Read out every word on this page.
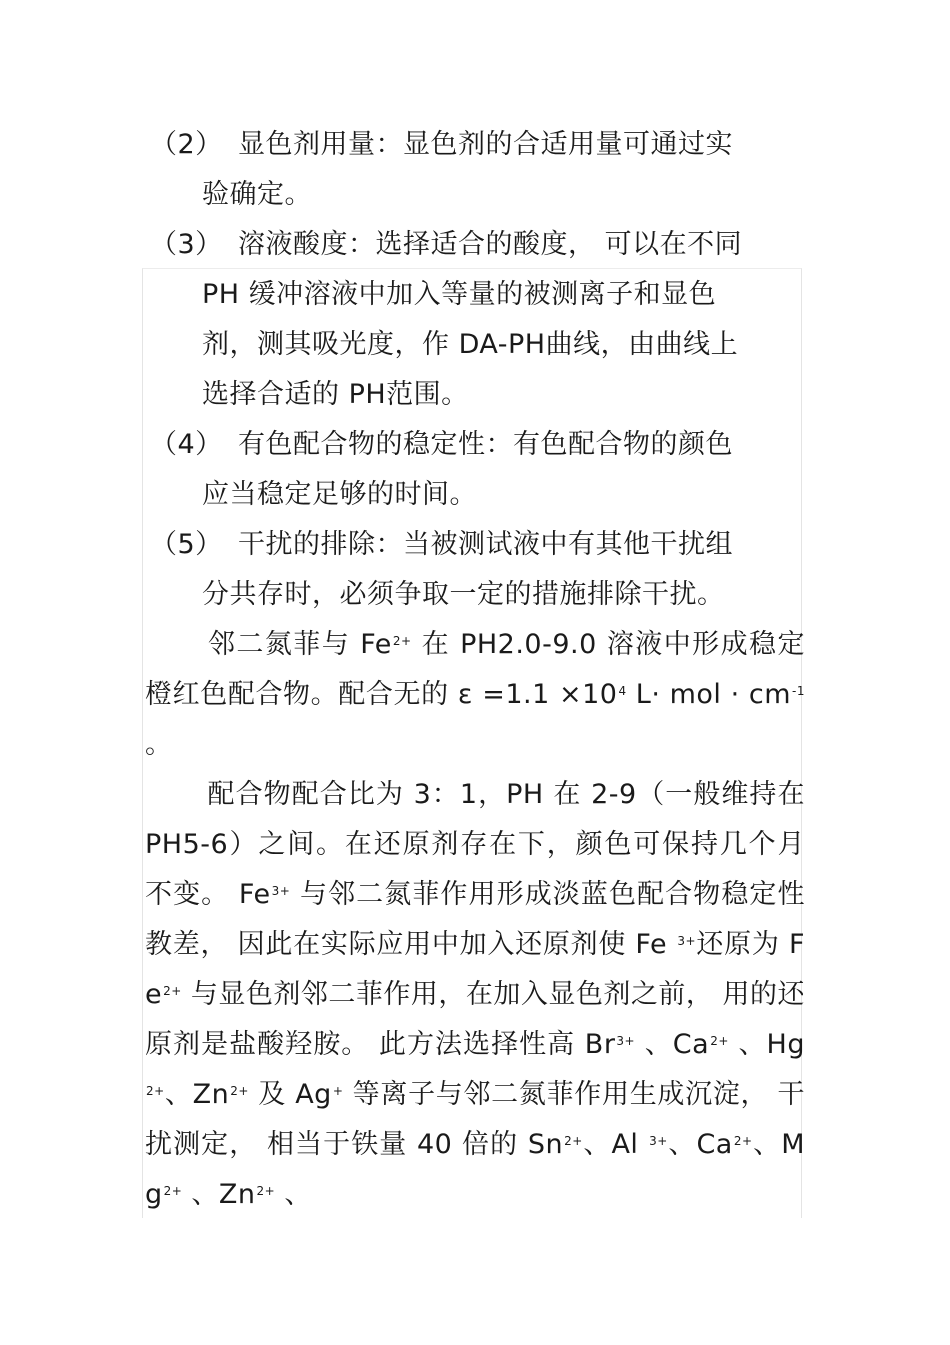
（2） 显色剂用量：显色剂的合适用量可通过实
验确定。
（3） 溶液酸度：选择适合的酸度， 可以在不同
PH 缓冲溶液中加入等量的被测离子和显色
剂，测其吸光度，作 DA-PH曲线，由曲线上
选择合适的 PH范围。
（4） 有色配合物的稳定性：有色配合物的颜色
应当稳定足够的时间。
（5） 干扰的排除：当被测试液中有其他干扰组
分共存时，必须争取一定的措施排除干扰。
邻二氮菲与 $Fe^{2+}$ 在 PH2.0-9.0 溶液中形成稳定橙红色配合物。配合无的 $\varepsilon =1.1 \times 10^4$ L· mol · $cm^{-1}$ 。
配合物配合比为 3：1，PH 在 2-9（一般维持在 PH5-6）之间。在还原剂存在下，颜色可保持几个月不变。 $Fe^{3+}$ 与邻二氮菲作用形成淡蓝色配合物稳定性教差， 因此在实际应用中加入还原剂使 Fe $^{3+}$还原为 $Fe^{2+}$ 与显色剂邻二菲作用，在加入显色剂之前， 用的还原剂是盐酸羟胺。 此方法选择性高 $Br^{3+}$ 、$Ca^{2+}$ 、Hg $^{2+}$、$Zn^{2+}$ 及 Ag+ 等离子与邻二氮菲作用生成沉淀， 干扰测定， 相当于铁量 40 倍的 $Sn^{2+}$、Al $^{3+}$、$Ca^{2+}$、$Mg^{2+}$ 、$Zn^{2+}$ 、
